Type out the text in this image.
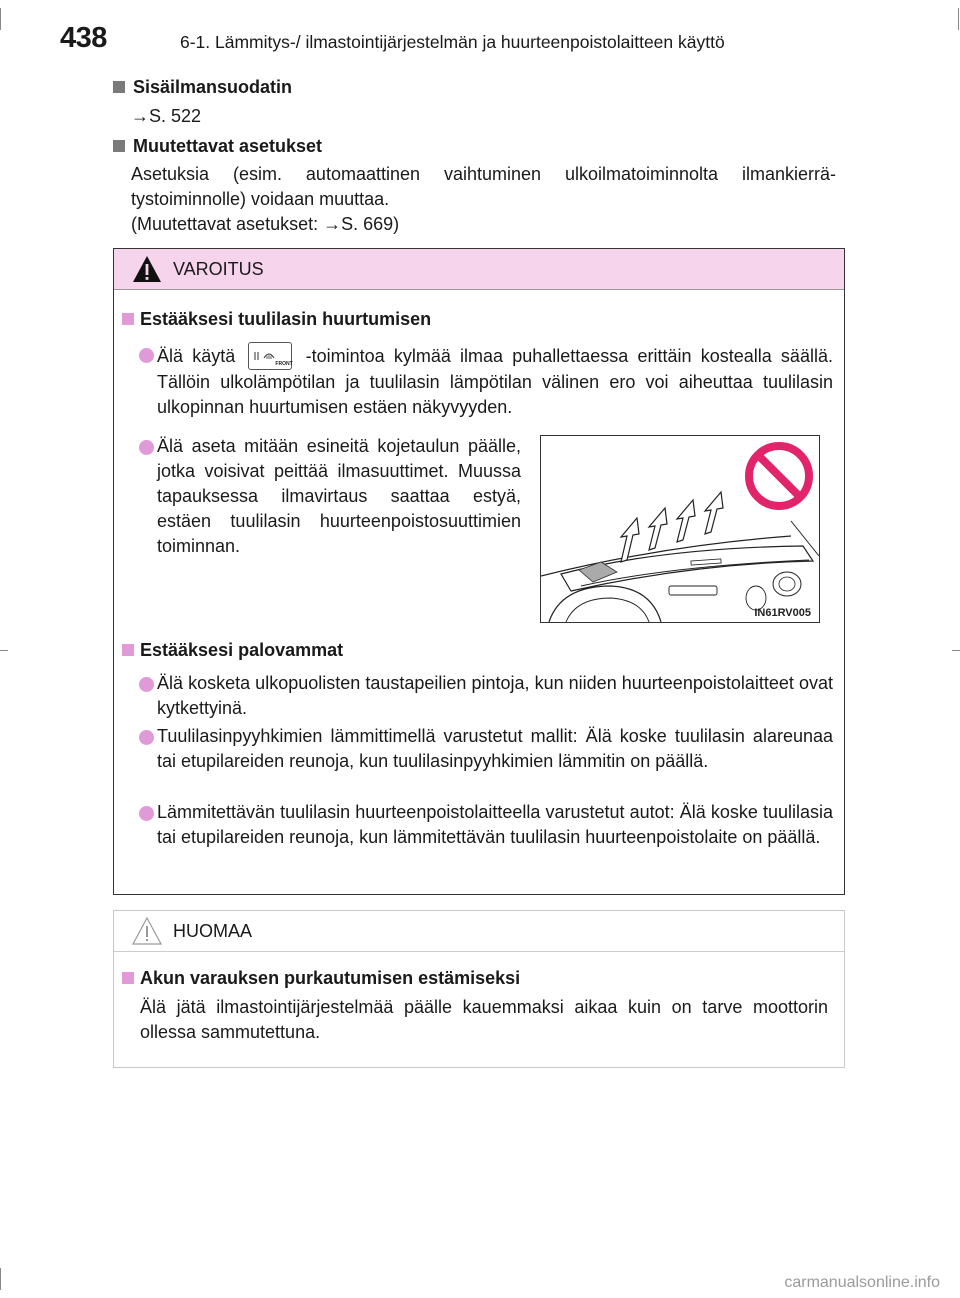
438	6-1. Lämmitys-/ ilmastointijärjestelmän ja huurteenpoistolaitteen käyttö
Sisäilmansuodatin
→S. 522
Muutettavat asetukset
Asetuksia (esim. automaattinen vaihtuminen ulkoilmatoiminnolta ilmankierrätystoiminnolle) voidaan muuttaa.
(Muutettavat asetukset: →S. 669)
VAROITUS
Estääksesi tuulilasin huurtumisen
Älä käytä	FRONT -toimintoa kylmää ilmaa puhallettaessa erittäin kostealla säällä. Tällöin ulkolämpötilan ja tuulilasin lämpötilan välinen ero voi aiheuttaa tuulilasin ulkopinnan huurtumisen estäen näkyvyyden.
Älä aseta mitään esineitä kojetaulun päälle, jotka voisivat peittää ilmasuuttimet. Muussa tapauksessa ilmavirtaus saattaa estyä, estäen tuulilasin huurteenpoistosuuttimien toiminnan.
IN61RV005
Estääksesi palovammat
Älä kosketa ulkopuolisten taustapeilien pintoja, kun niiden huurteenpoistolaitteet ovat kytkettyinä.
Tuulilasinpyyhkimien lämmittimellä varustetut mallit: Älä koske tuulilasin alareunaa tai etupilareiden reunoja, kun tuulilasinpyyhkimien lämmitin on päällä.
Lämmitettävän tuulilasin huurteenpoistolaitteella varustetut autot: Älä koske tuulilasia tai etupilareiden reunoja, kun lämmitettävän tuulilasin huurteenpoistolaite on päällä.
HUOMAA
Akun varauksen purkautumisen estämiseksi
Älä jätä ilmastointijärjestelmää päälle kauemmaksi aikaa kuin on tarve moottorin ollessa sammutettuna.
carmanualsonline.info
